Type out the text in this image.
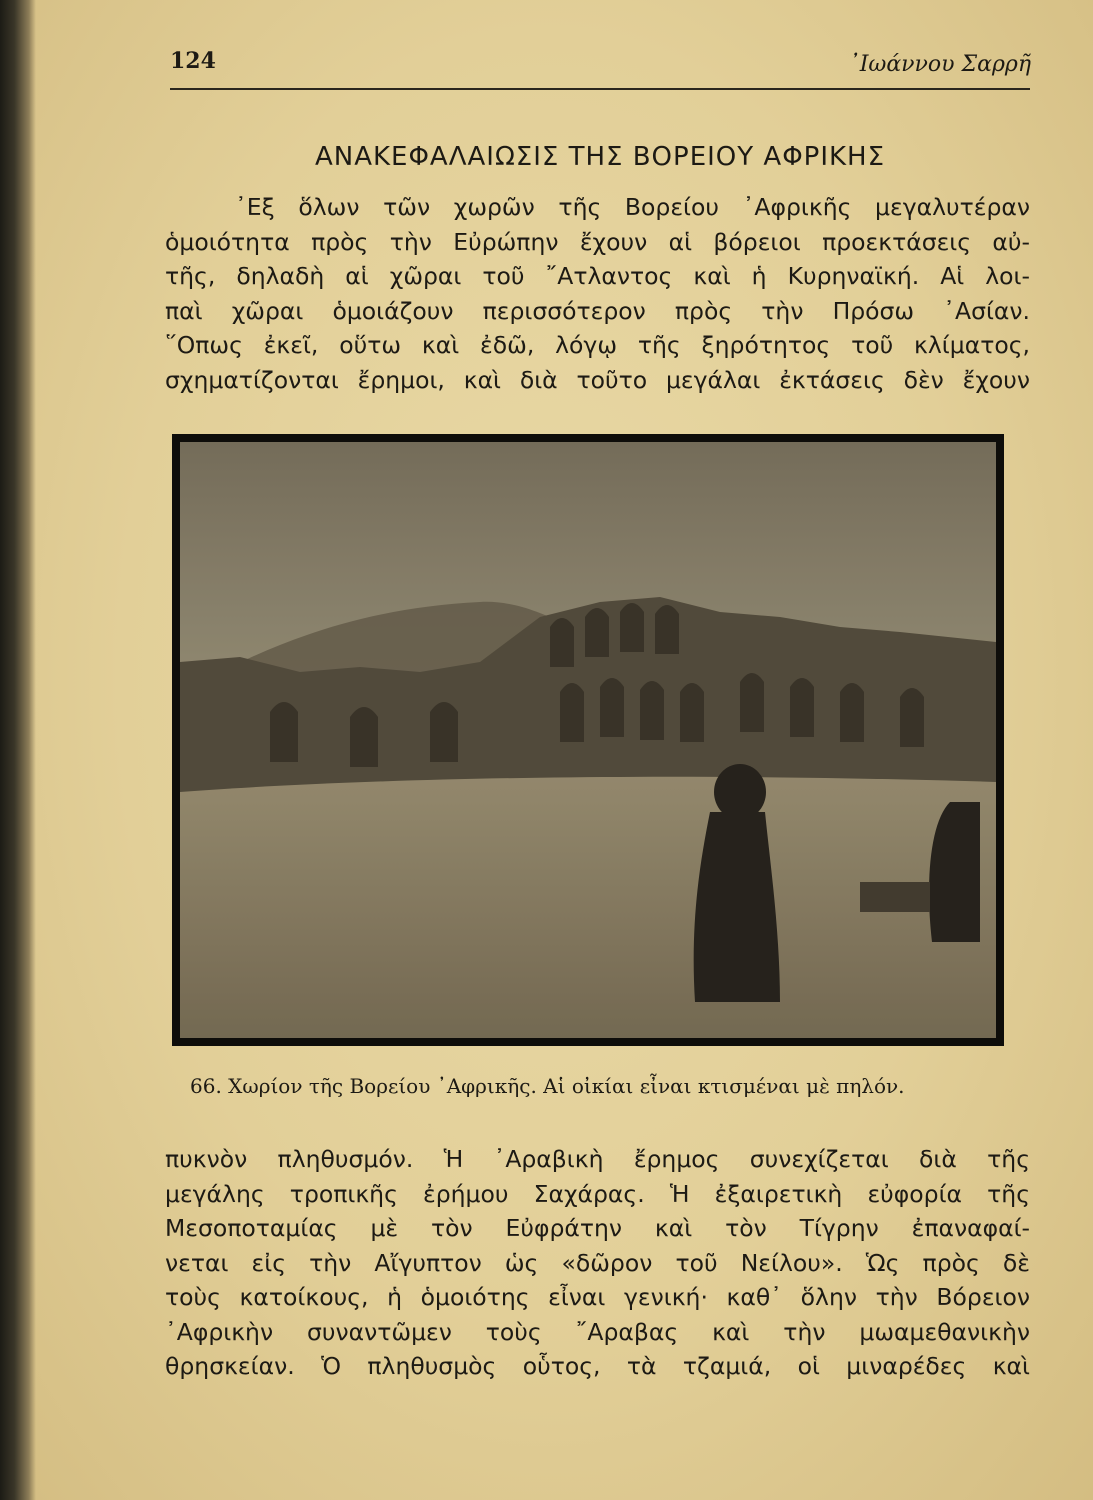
124	᾽Ιωάννου Σαρρῆ
ΑΝΑΚΕΦΑΛΑΙΩΣΙΣ ΤΗΣ ΒΟΡΕΙΟΥ ΑΦΡΙΚΗΣ
᾽Εξ ὅλων τῶν χωρῶν τῆς Βορείου ᾽Αφρικῆς μεγαλυτέραν
ὁμοιότητα πρὸς τὴν Εὐρώπην ἔχουν αἱ βόρειοι προεκτάσεις αὐ-
τῆς, δηλαδὴ αἱ χῶραι τοῦ ῎Ατλαντος καὶ ἡ Κυρηναϊκή. Αἱ λοι-
παὶ χῶραι ὁμοιάζουν περισσότερον πρὸς τὴν Πρόσω ᾽Ασίαν.
῞Οπως ἐκεῖ, οὕτω καὶ ἐδῶ, λόγῳ τῆς ξηρότητος τοῦ κλίματος,
σχηματίζονται ἔρημοι, καὶ διὰ τοῦτο μεγάλαι ἐκτάσεις δὲν ἔχουν
66. Χωρίον τῆς Βορείου ᾽Αφρικῆς. Αἱ οἰκίαι εἶναι κτισμέναι μὲ πηλόν.
πυκνὸν πληθυσμόν. Ἡ ᾽Αραβικὴ ἔρημος συνεχίζεται διὰ τῆς
μεγάλης τροπικῆς ἐρήμου Σαχάρας. Ἡ ἐξαιρετικὴ εὐφορία τῆς
Μεσοποταμίας μὲ τὸν Εὐφράτην καὶ τὸν Τίγρην ἐπαναφαί-
νεται εἰς τὴν Αἴγυπτον ὡς «δῶρον τοῦ Νείλου». Ὡς πρὸς δὲ
τοὺς κατοίκους, ἡ ὁμοιότης εἶναι γενική· καθ᾽ ὅλην τὴν Βόρειον
᾽Αφρικὴν συναντῶμεν τοὺς ῎Αραβας καὶ τὴν μωαμεθανικὴν
θρησκείαν. Ὁ πληθυσμὸς οὗτος, τὰ τζαμιά, οἱ μιναρέδες καὶ
